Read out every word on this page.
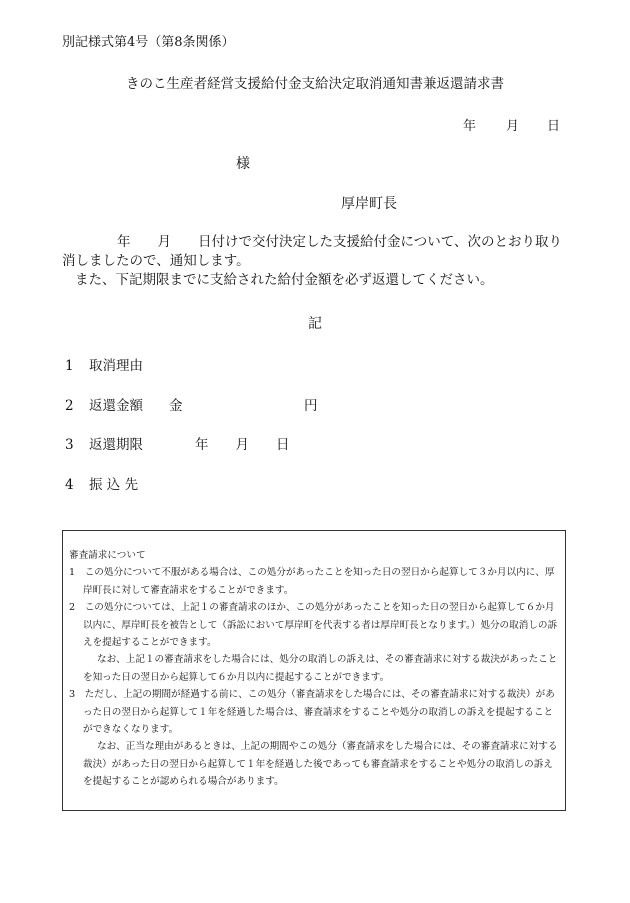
別記様式第4号（第8条関係）
きのこ生産者経営支援給付金支給決定取消通知書兼返還請求書
年 月 日
様
厚岸町長

年　　月　　日付けで交付決定した支援給付金について、次のとおり取り消しましたので、通知します。

また、下記期限までに支給された給付金額を必ず返還してください。

記
1 取消理由
2 返還金額 金　　　　　　　　　円
3 返還期限	年　　月　　日
4 振 込 先

審査請求について

1　この処分について不服がある場合は、この処分があったことを知った日の翌日から起算して３か月以内に、厚岸町長に対して審査請求をすることができます。

2　この処分については、上記１の審査請求のほか、この処分があったことを知った日の翌日から起算して６か月以内に、厚岸町長を被告として（訴訟において厚岸町を代表する者は厚岸町長となります。）処分の取消しの訴えを提起することができます。

なお、上記１の審査請求をした場合には、処分の取消しの訴えは、その審査請求に対する裁決があったことを知った日の翌日から起算して６か月以内に提起することができます。

3　ただし、上記の期間が経過する前に、この処分（審査請求をした場合には、その審査請求に対する裁決）があった日の翌日から起算して１年を経過した場合は、審査請求をすることや処分の取消しの訴えを提起することができなくなります。

なお、正当な理由があるときは、上記の期間やこの処分（審査請求をした場合には、その審査請求に対する裁決）があった日の翌日から起算して１年を経過した後であっても審査請求をすることや処分の取消しの訴えを提起することが認められる場合があります。
